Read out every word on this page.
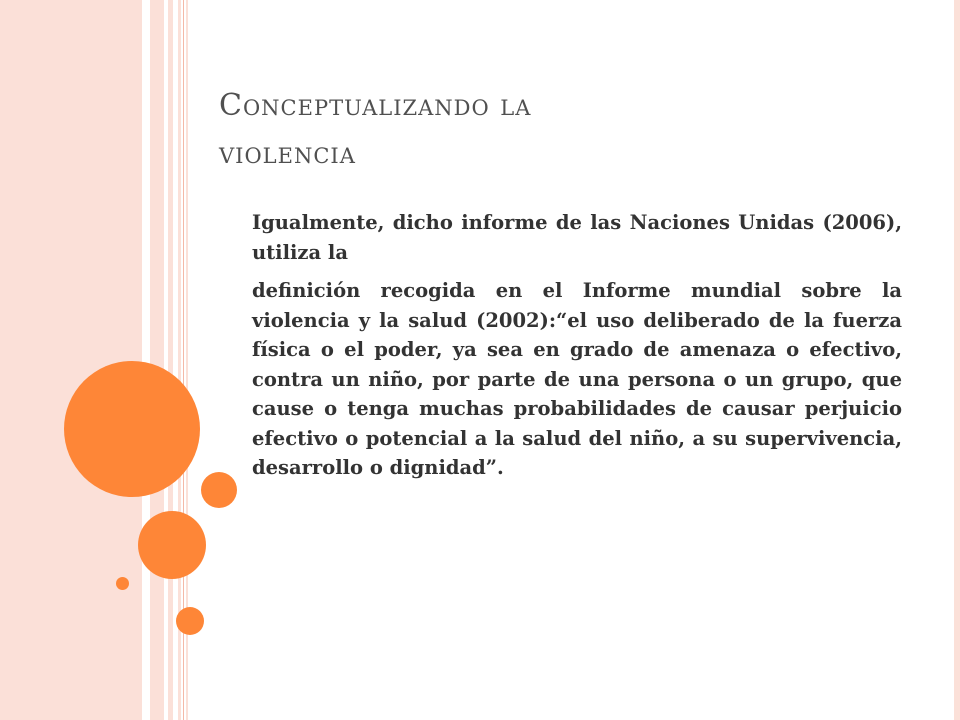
Conceptualizando la
violencia

Igualmente, dicho informe de las Naciones Unidas (2006), utiliza la

definición recogida en el Informe mundial sobre la violencia y la salud (2002):“el uso deliberado de la fuerza física o el poder, ya sea en grado de amenaza o efectivo, contra un niño, por parte de una persona o un grupo, que cause o tenga muchas probabilidades de causar perjuicio efectivo o potencial a la salud del niño, a su supervivencia, desarrollo o dignidad”.
